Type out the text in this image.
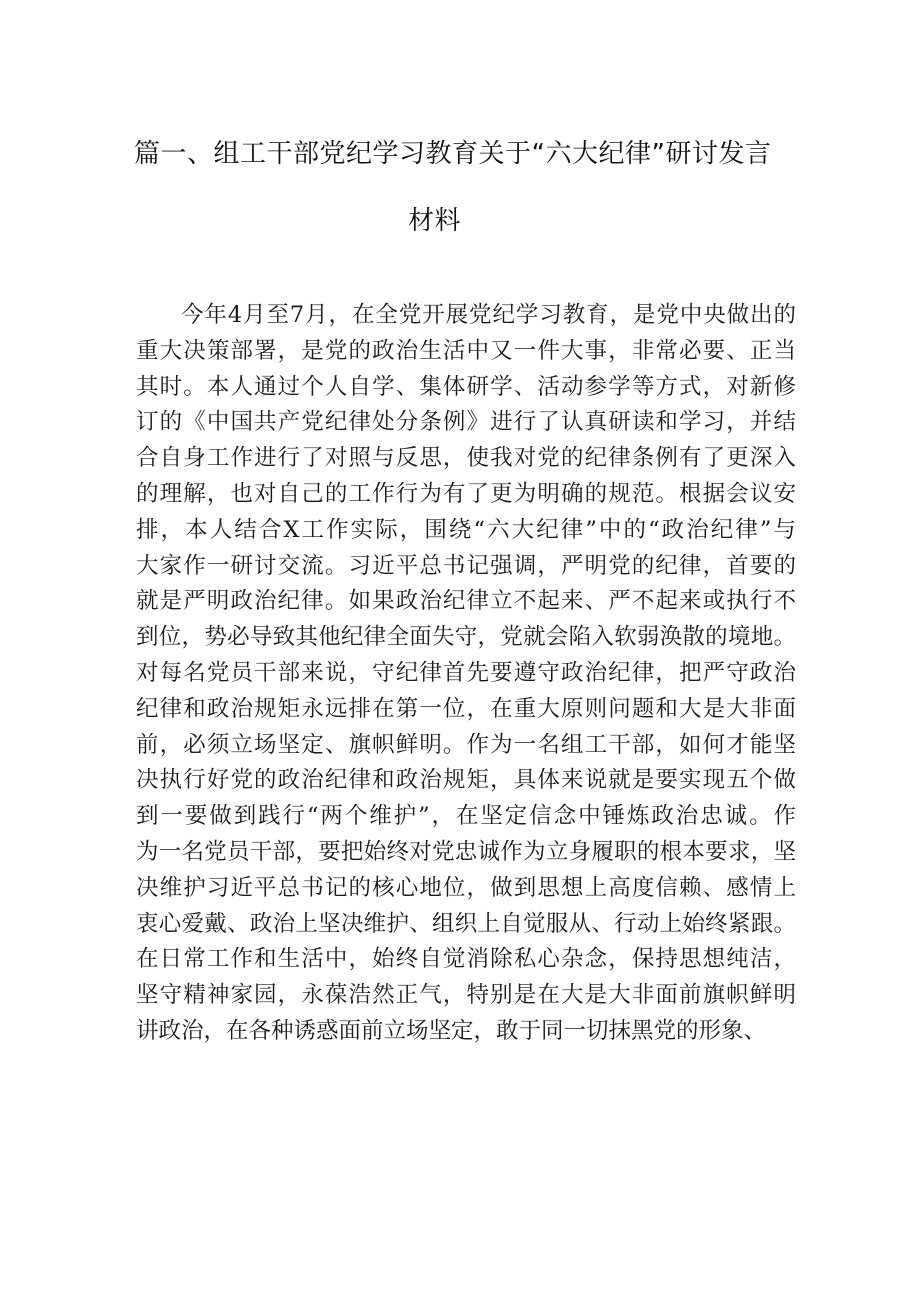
篇一、组工干部党纪学习教育关于“六大纪律”研讨发言
材料
今年4月至7月，在全党开展党纪学习教育，是党中央做出的
重大决策部署，是党的政治生活中又一件大事，非常必要、正当
其时。本人通过个人自学、集体研学、活动参学等方式，对新修
订的《中国共产党纪律处分条例》进行了认真研读和学习，并结
合自身工作进行了对照与反思，使我对党的纪律条例有了更深入
的理解，也对自己的工作行为有了更为明确的规范。根据会议安
排，本人结合X工作实际，围绕“六大纪律”中的“政治纪律”与
大家作一研讨交流。习近平总书记强调，严明党的纪律，首要的
就是严明政治纪律。如果政治纪律立不起来、严不起来或执行不
到位，势必导致其他纪律全面失守，党就会陷入软弱涣散的境地。
对每名党员干部来说，守纪律首先要遵守政治纪律，把严守政治
纪律和政治规矩永远排在第一位，在重大原则问题和大是大非面
前，必须立场坚定、旗帜鲜明。作为一名组工干部，如何才能坚
决执行好党的政治纪律和政治规矩，具体来说就是要实现五个做
到一要做到践行“两个维护”，在坚定信念中锤炼政治忠诚。作
为一名党员干部，要把始终对党忠诚作为立身履职的根本要求，坚
决维护习近平总书记的核心地位，做到思想上高度信赖、感情上
衷心爱戴、政治上坚决维护、组织上自觉服从、行动上始终紧跟。
在日常工作和生活中，始终自觉消除私心杂念，保持思想纯洁，
坚守精神家园，永葆浩然正气，特别是在大是大非面前旗帜鲜明
讲政治，在各种诱惑面前立场坚定，敢于同一切抹黑党的形象、
